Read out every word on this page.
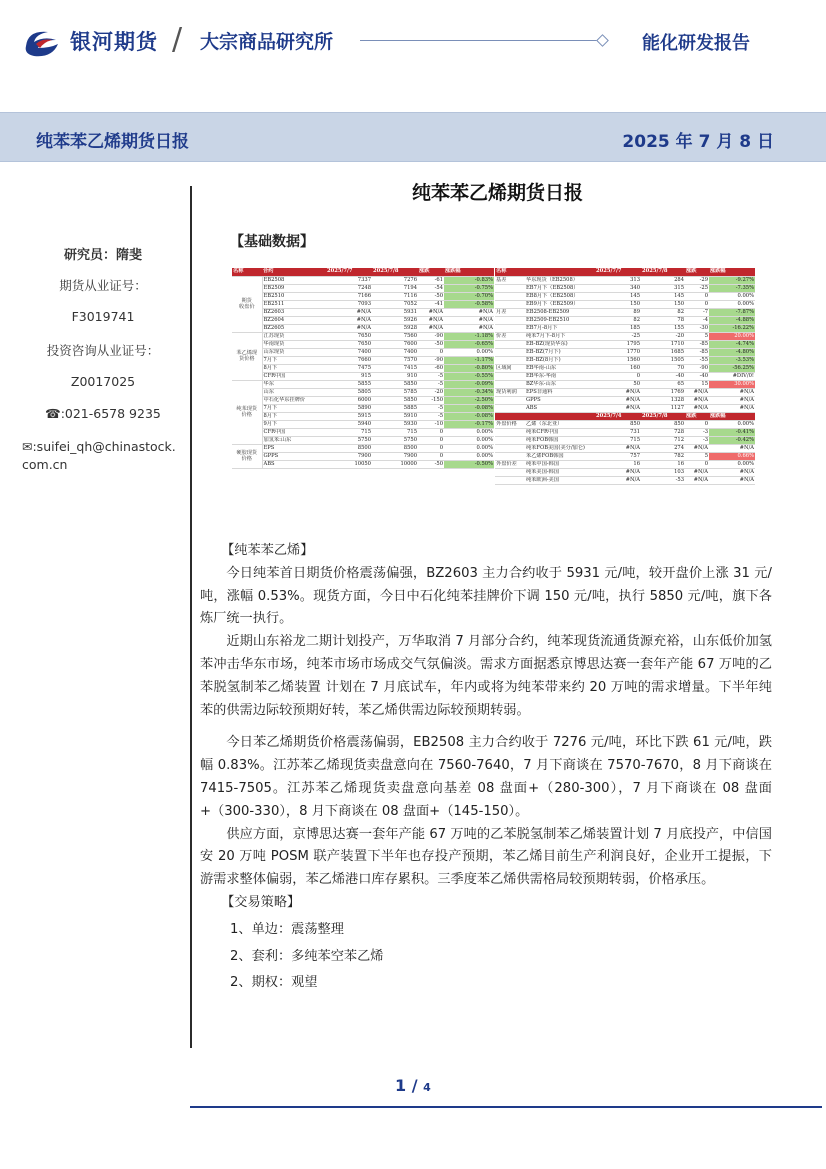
银河期货 / 大宗商品研究所	能化研发报告
纯苯苯乙烯期货日报	2025 年 7 月 8 日
研究员：隋斐
期货从业证号：
F3019741
投资咨询从业证号：
Z0017025
☎:021-6578 9235
✉:suifei_qh@chinastock.com.cn
纯苯苯乙烯期货日报
【基础数据】
名称	合约	2025/7/7	2025/7/8	涨跌	涨跌幅
期货
收盘价	EB2508	7337	7276	-61	-0.83%
	EB2509	7248	7194	-54	-0.75%
	EB2510	7166	7116	-50	-0.70%
	EB2511	7093	7052	-41	-0.58%
	BZ2603	#N/A	5931	#N/A	#N/A
	BZ2604	#N/A	5926	#N/A	#N/A
	BZ2605	#N/A	5928	#N/A	#N/A
苯乙烯现
货价格	江苏现货	7650	7560	-90	-1.18%
	华南现货	7650	7600	-50	-0.65%
	山东现货	7400	7400	0	0.00%
	7月下	7660	7570	-90	-1.17%
	8月下	7475	7415	-60	-0.80%
	CFR中国	915	910	-5	-0.55%
纯苯现货
价格	华东	5855	5850	-5	-0.09%
	山东	5805	5785	-20	-0.34%
	中石化华东挂牌价	6000	5850	-150	-2.50%
	7月下	5890	5885	-5	-0.08%
	8月下	5915	5910	-5	-0.08%
	9月下	5940	5930	-10	-0.17%
	CFR中国	715	715	0	0.00%
	加氢苯:山东	5750	5750	0	0.00%
硬胶现货
价格	EPS	8500	8500	0	0.00%
	GPPS	7900	7900	0	0.00%
	ABS	10050	10000	-50	-0.50%
名称		2025/7/7	2025/7/8	涨跌	涨跌幅
基差	华东现货（EB2508）	313	284	-29	-9.27%
	EB7月下（EB2508）	340	315	-25	-7.35%
	EB8月下（EB2508）	145	145	0	0.00%
	EB9月下（EB2509）	150	150	0	0.00%
月差	EB2508-EB2509	89	82	-7	-7.87%
	EB2509-EB2510	82	78	-4	-4.88%
	EB7月-8月下	185	155	-30	-16.22%
价差	纯苯7月下-8月下	-25	-20	5	20.00%
	EB-BZ(现货华东)	1795	1710	-85	-4.74%
	EB-BZ(7月下)	1770	1685	-85	-4.80%
	EB-BZ(8月下)	1560	1505	-55	-3.53%
区域间	EB华南-山东	160	70	-90	-56.25%
	EB华东-华南	0	-40	-40	#DIV/0!
	BZ华东-山东	50	65	15	30.00%
现货利润	EPS非通料	#N/A	1769	#N/A	#N/A
	GPPS	#N/A	1328	#N/A	#N/A
	ABS	#N/A	1127	#N/A	#N/A
		2025/7/4	2025/7/8	涨跌	涨跌幅
外盘价格	乙烯（东北亚）	850	850	0	0.00%
	纯苯CFR中国	731	728	-3	-0.41%
	纯苯FOB韩国	715	712	-3	-0.42%
	纯苯FOB美国(美分/加仑)	#N/A	274	#N/A	#N/A
	苯乙烯FOB韩国	757	782	5	0.66%
外盘价差	纯苯中国-韩国	16	16	0	0.00%
	纯苯美国-韩国	#N/A	103	#N/A	#N/A
	纯苯欧洲-美国	#N/A	-53	#N/A	#N/A

【纯苯苯乙烯】

今日纯苯首日期货价格震荡偏强，BZ2603 主力合约收于 5931 元/吨，较开盘价上涨 31 元/ 吨，涨幅 0.53%。现货方面，今日中石化纯苯挂牌价下调 150 元/吨，执行 5850 元/吨，旗下各炼厂统一执行。

近期山东裕龙二期计划投产，万华取消 7 月部分合约，纯苯现货流通货源充裕，山东低价加氢苯冲击华东市场，纯苯市场市场成交气氛偏淡。需求方面据悉京博思达赛一套年产能 67 万吨的乙苯脱氢制苯乙烯装置 计划在 7 月底试车，年内或将为纯苯带来约 20 万吨的需求增量。下半年纯苯的供需边际较预期好转，苯乙烯供需边际较预期转弱。

今日苯乙烯期货价格震荡偏弱，EB2508 主力合约收于 7276 元/吨，环比下跌 61 元/吨，跌幅 0.83%。江苏苯乙烯现货卖盘意向在 7560-7640，7 月下商谈在 7570-7670，8 月下商谈在 7415-7505。江苏苯乙烯现货卖盘意向基差 08 盘面+（280-300），7 月下商谈在 08 盘面+（300-330），8 月下商谈在 08 盘面+（145-150）。

供应方面，京博思达赛一套年产能 67 万吨的乙苯脱氢制苯乙烯装置计划 7 月底投产，中信国安 20 万吨 POSM 联产装置下半年也存投产预期，苯乙烯目前生产利润良好，企业开工提振，下游需求整体偏弱，苯乙烯港口库存累积。三季度苯乙烯供需格局较预期转弱，价格承压。

【交易策略】

1、单边：震荡整理

2、套利：多纯苯空苯乙烯

2、期权：观望

1 / 4
